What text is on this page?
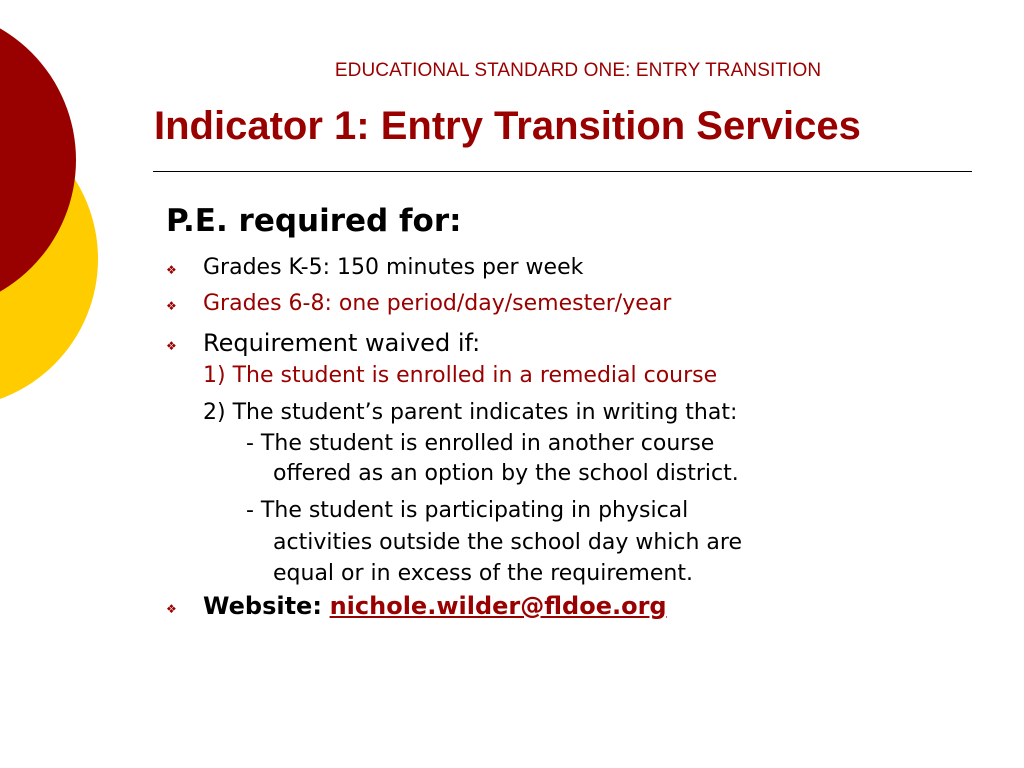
EDUCATIONAL STANDARD ONE: ENTRY TRANSITION
Indicator 1: Entry Transition Services
P.E. required for:
❖ Grades K-5: 150 minutes per week
❖ Grades 6-8: one period/day/semester/year
❖ Requirement waived if:
1) The student is enrolled in a remedial course
2) The student’s parent indicates in writing that:
- The student is enrolled in another course
offered as an option by the school district.
- The student is participating in physical
activities outside the school day which are
equal or in excess of the requirement.
❖ Website: nichole.wilder@fldoe.org
